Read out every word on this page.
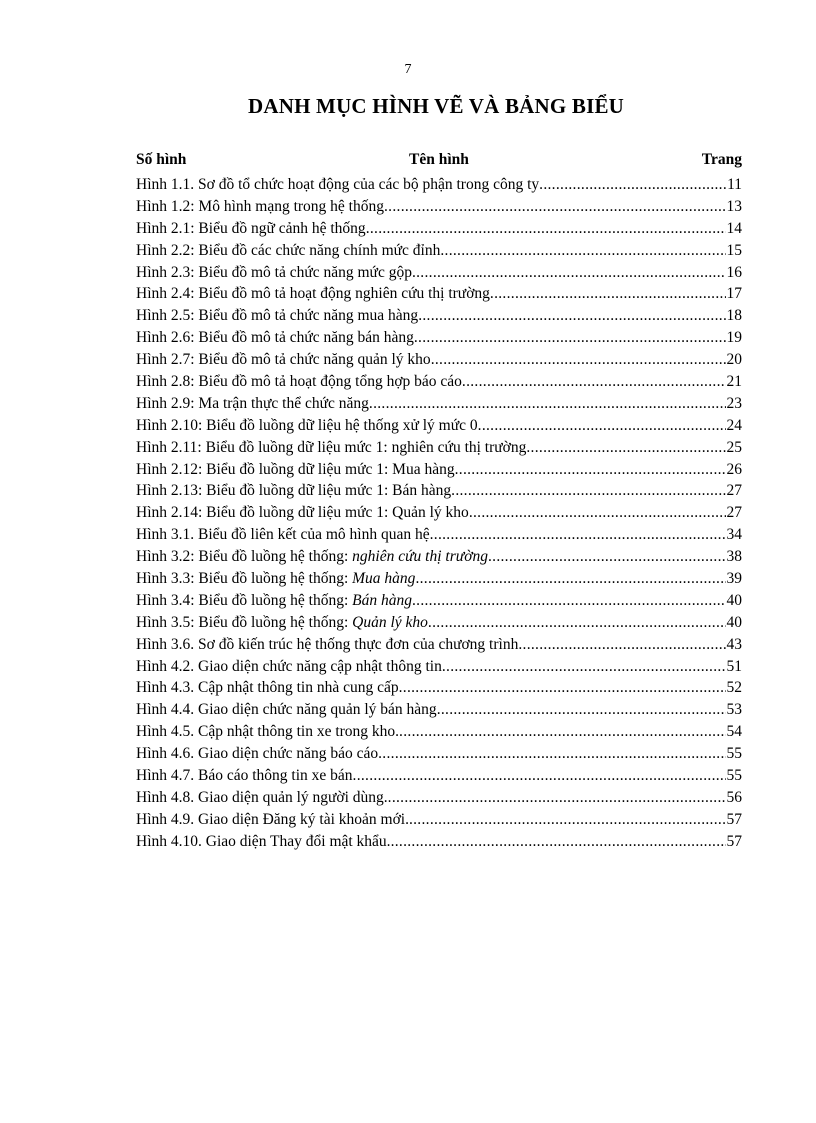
7
DANH MỤC HÌNH VẼ VÀ BẢNG BIỂU
Số hình	Tên hình	Trang
Hình 1.1. Sơ đồ tổ chức hoạt động của các bộ phận trong công ty .....	11
Hình 1.2: Mô hình mạng trong hệ thống .....	13
Hình 2.1: Biểu đồ ngữ cảnh hệ thống .....	14
Hình 2.2: Biểu đồ các chức năng chính mức đỉnh .....	15
Hình 2.3: Biểu đồ mô tả chức năng mức gộp .....	16
Hình 2.4: Biểu đồ mô tả hoạt động nghiên cứu thị trường .....	17
Hình 2.5: Biểu đồ mô tả chức năng mua hàng .....	18
Hình 2.6: Biểu đồ mô tả chức năng bán hàng .....	19
Hình 2.7: Biểu đồ mô tả chức năng quản lý kho .....	20
Hình 2.8: Biểu đồ mô tả hoạt động tổng hợp báo cáo .....	21
Hình 2.9: Ma trận thực thể chức năng .....	23
Hình 2.10: Biểu đồ luồng dữ liệu hệ thống xử lý mức 0 .....	24
Hình 2.11: Biểu đồ luồng dữ liệu mức 1: nghiên cứu thị trường .....	25
Hình 2.12: Biểu đồ luồng dữ liệu mức 1: Mua hàng .....	26
Hình 2.13: Biểu đồ luồng dữ liệu mức 1: Bán hàng .....	27
Hình 2.14: Biểu đồ luồng dữ liệu mức 1: Quản lý kho .....	27
Hình 3.1. Biểu đồ liên kết của mô hình quan hệ .....	34
Hình 3.2: Biểu đồ luồng hệ thống: nghiên cứu thị trường .....	38
Hình 3.3: Biểu đồ luồng hệ thống: Mua hàng .....	39
Hình 3.4: Biểu đồ luồng hệ thống: Bán hàng .....	40
Hình 3.5: Biểu đồ luồng hệ thống: Quản lý kho .....	40
Hình 3.6. Sơ đồ kiến trúc hệ thống thực đơn của chương trình .....	43
Hình 4.2. Giao diện chức năng cập nhật thông tin .....	51
Hình 4.3. Cập nhật thông tin nhà cung cấp .....	52
Hình 4.4. Giao diện chức năng quản lý bán hàng .....	53
Hình 4.5. Cập nhật thông tin xe trong kho. .....	54
Hình 4.6. Giao diện chức năng báo cáo .....	55
Hình 4.7. Báo cáo thông tin xe bán .....	55
Hình 4.8. Giao diện quản lý người dùng. .....	56
Hình 4.9. Giao diện Đăng ký tài khoản mới. .....	57
Hình 4.10. Giao diện Thay đổi mật khẩu. .....	57
